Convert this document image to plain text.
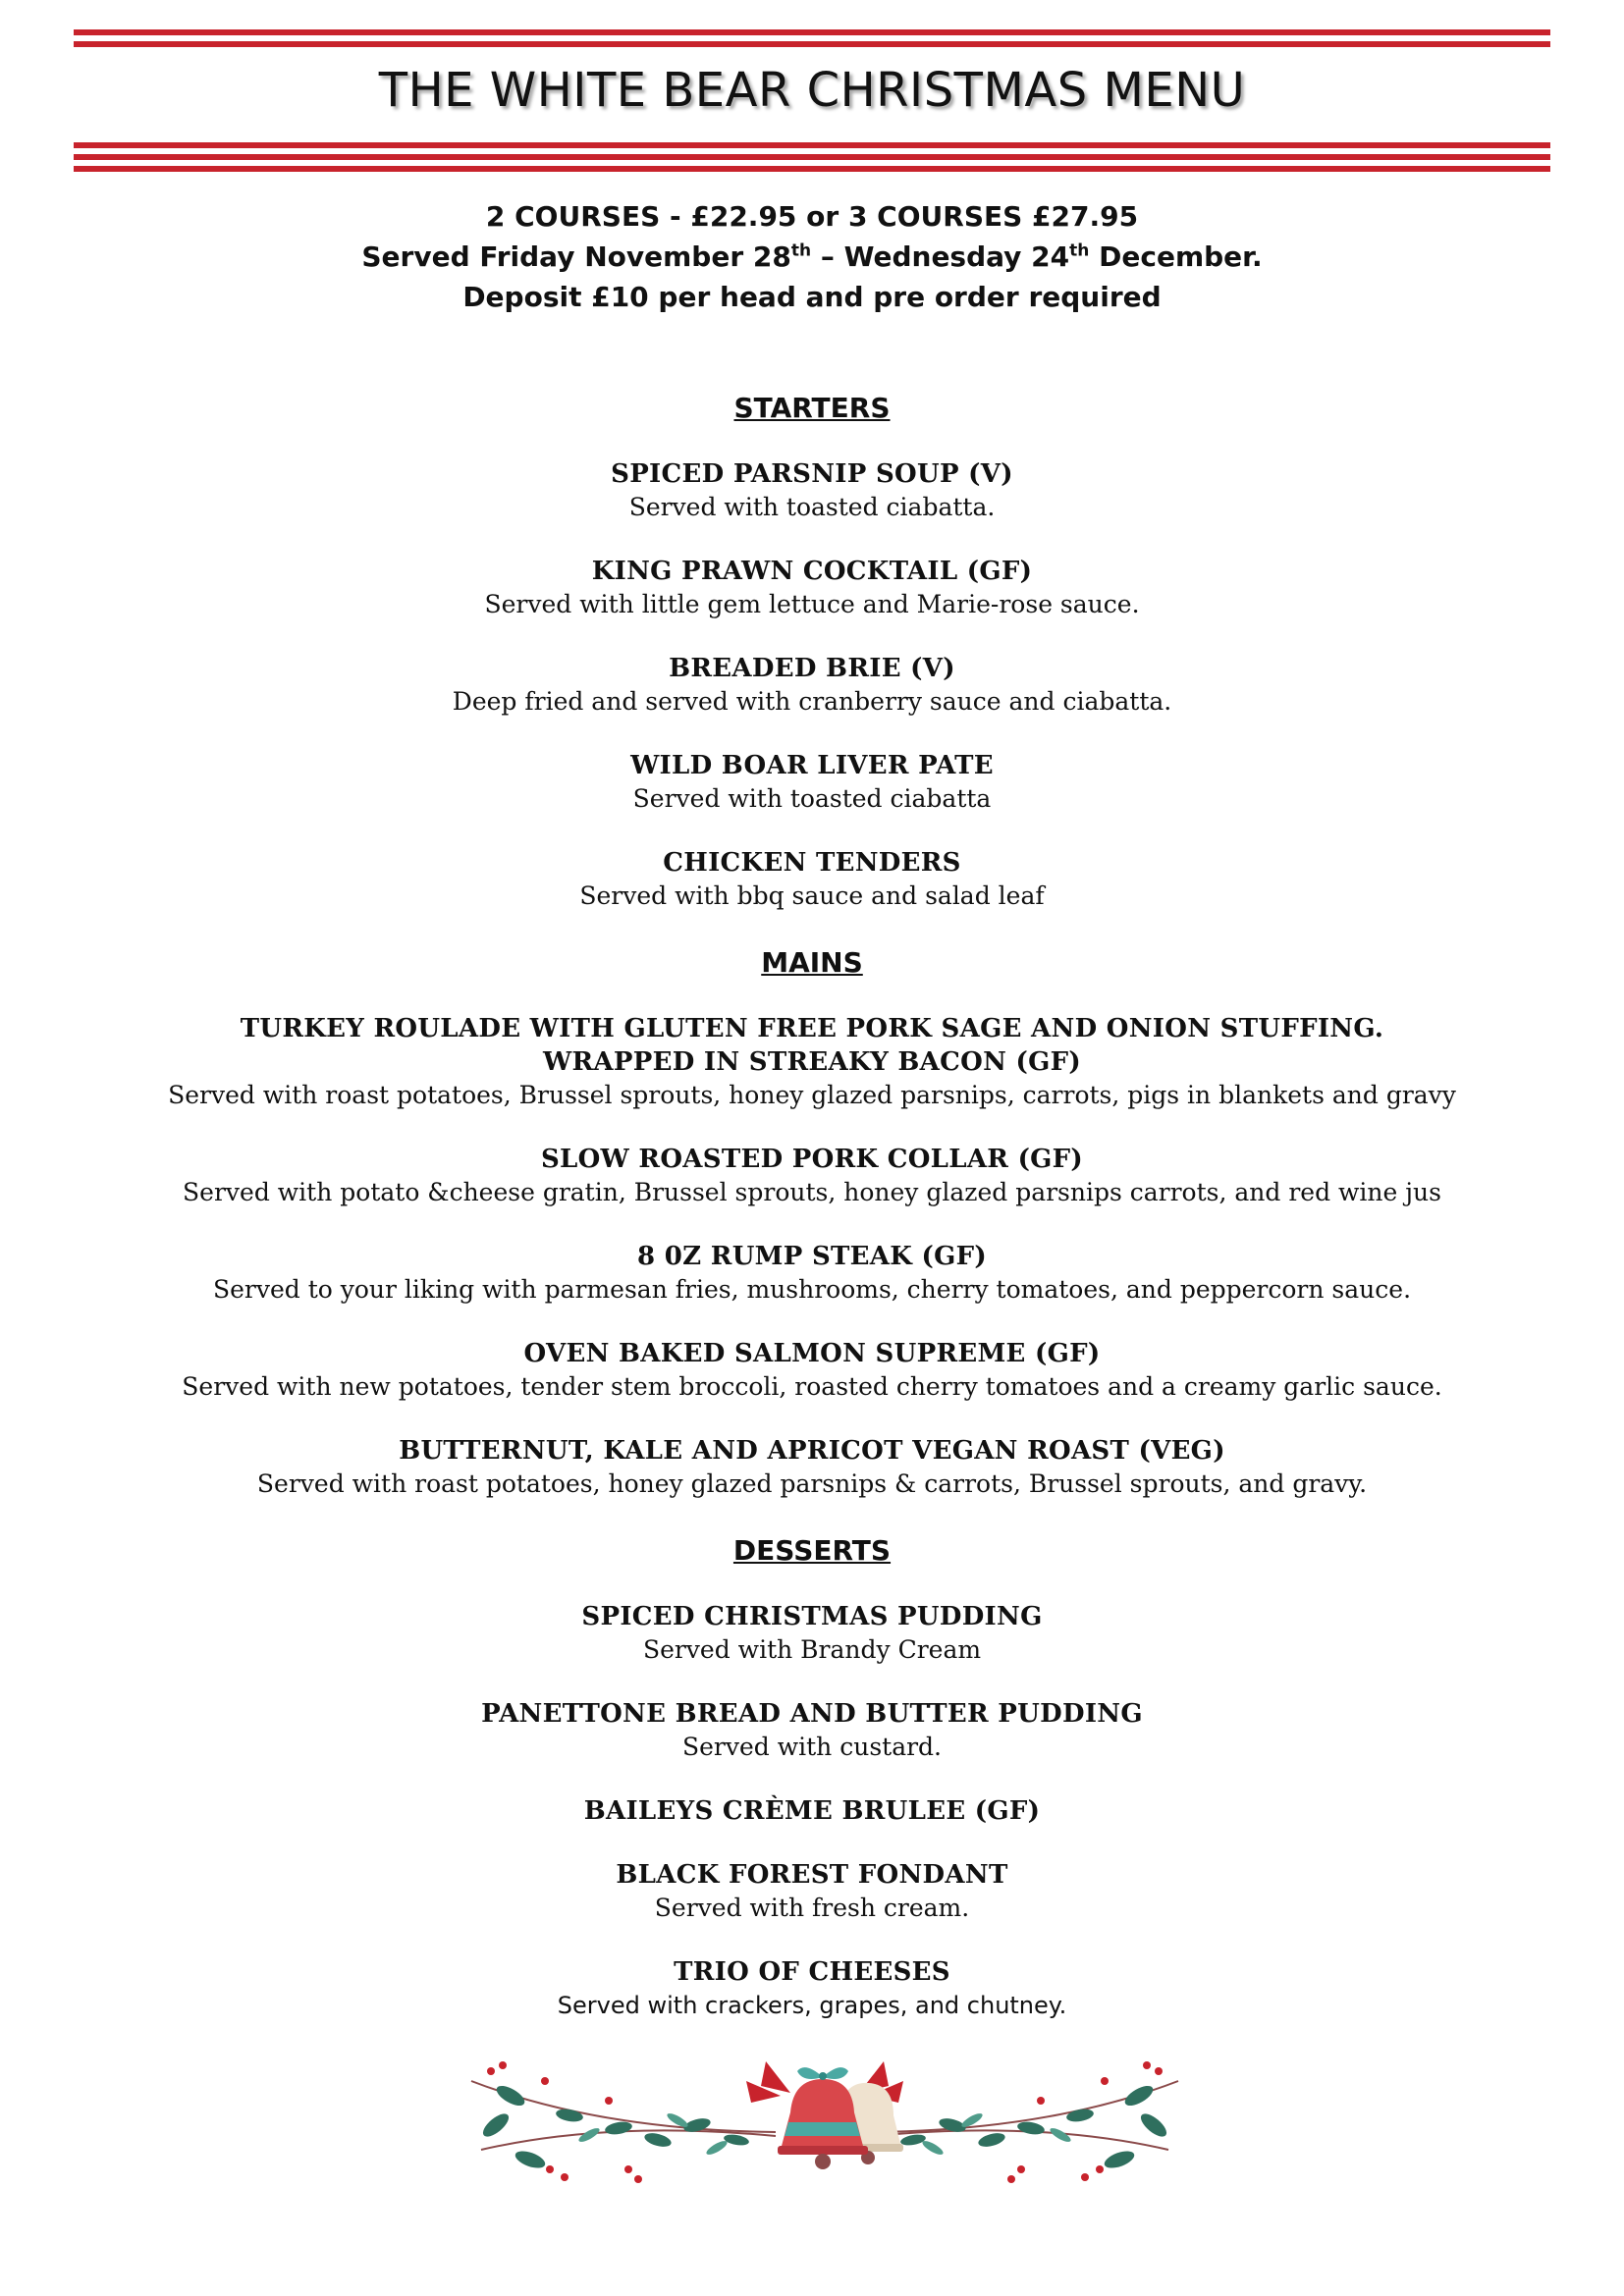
THE WHITE BEAR CHRISTMAS MENU
2 COURSES - £22.95 or 3 COURSES £27.95
Served Friday November 28th – Wednesday 24th December.
Deposit £10 per head and pre order required
STARTERS
SPICED PARSNIP SOUP (V)
Served with toasted ciabatta.
KING PRAWN COCKTAIL (GF)
Served with little gem lettuce and Marie-rose sauce.
BREADED BRIE (V)
Deep fried and served with cranberry sauce and ciabatta.
WILD BOAR LIVER PATE
Served with toasted ciabatta
CHICKEN TENDERS
Served with bbq sauce and salad leaf
MAINS
TURKEY ROULADE WITH GLUTEN FREE PORK SAGE AND ONION STUFFING.
WRAPPED IN STREAKY BACON (GF)
Served with roast potatoes, Brussel sprouts, honey glazed parsnips, carrots, pigs in blankets and gravy
SLOW ROASTED PORK COLLAR (GF)
Served with potato &cheese gratin, Brussel sprouts, honey glazed parsnips carrots, and red wine jus
8 0Z RUMP STEAK (GF)
Served to your liking with parmesan fries, mushrooms, cherry tomatoes, and peppercorn sauce.
OVEN BAKED SALMON SUPREME (GF)
Served with new potatoes, tender stem broccoli, roasted cherry tomatoes and a creamy garlic sauce.
BUTTERNUT, KALE AND APRICOT VEGAN ROAST (VEG)
Served with roast potatoes, honey glazed parsnips & carrots, Brussel sprouts, and gravy.
DESSERTS
SPICED CHRISTMAS PUDDING
Served with Brandy Cream
PANETTONE BREAD AND BUTTER PUDDING
Served with custard.
BAILEYS CRÈME BRULEE (GF)
BLACK FOREST FONDANT
Served with fresh cream.
TRIO OF CHEESES
Served with crackers, grapes, and chutney.
